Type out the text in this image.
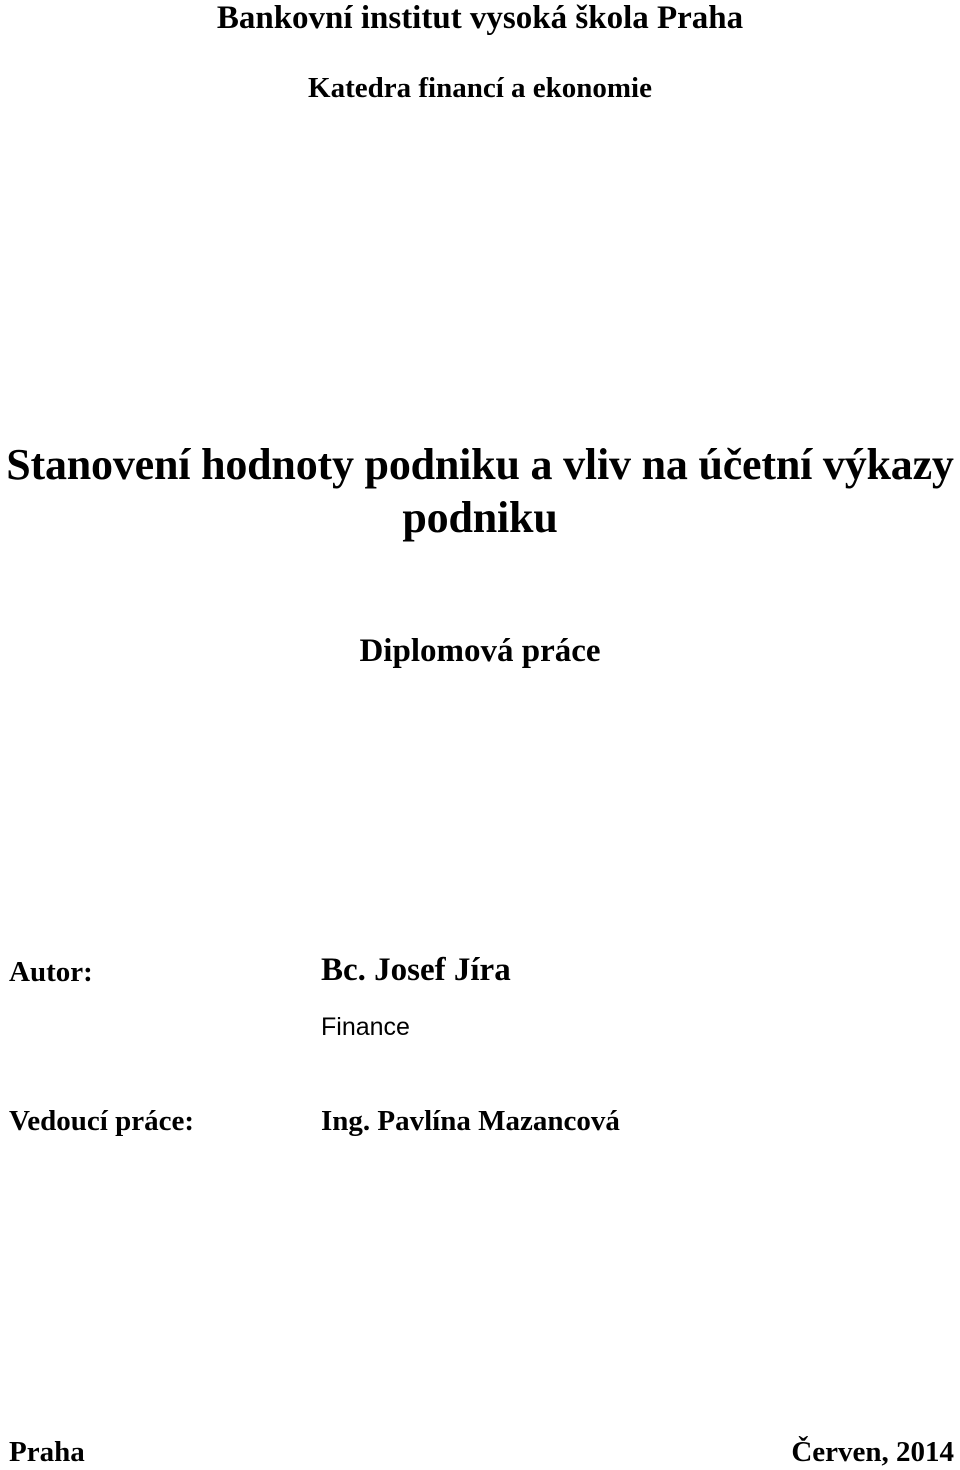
Bankovní institut vysoká škola Praha
Katedra financí a ekonomie
Stanovení hodnoty podniku a vliv na účetní výkazy
podniku
Diplomová práce
Autor:	Bc. Josef Jíra
Finance
Vedoucí práce:	Ing. Pavlína Mazancová
Praha	Červen, 2014
